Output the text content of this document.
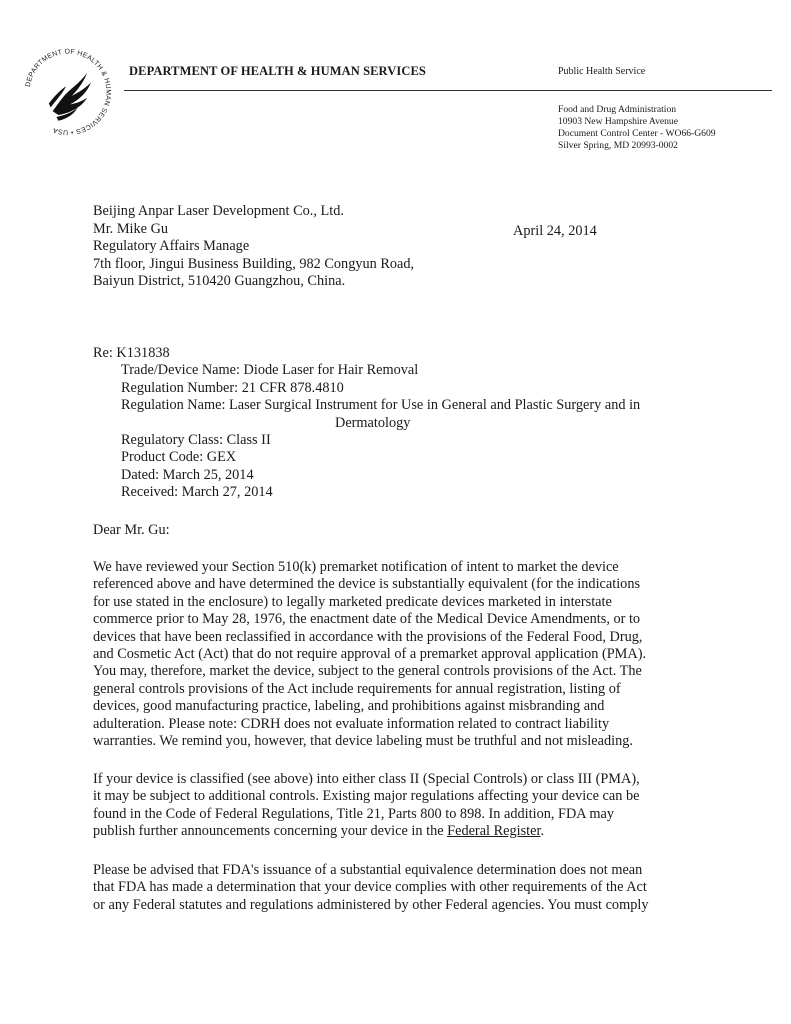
DEPARTMENT OF HEALTH & HUMAN SERVICES • USA
DEPARTMENT OF HEALTH & HUMAN SERVICES	Public Health Service
Food and Drug Administration
10903 New Hampshire Avenue
Document Control Center - WO66-G609
Silver Spring, MD 20993-0002
Beijing Anpar Laser Development Co., Ltd.
Mr. Mike Gu
Regulatory Affairs Manage
7th floor, Jingui Business Building, 982 Congyun Road,
Baiyun District, 510420 Guangzhou, China.
April 24, 2014
Re: K131838
Trade/Device Name: Diode Laser for Hair Removal
Regulation Number: 21 CFR 878.4810
Regulation Name: Laser Surgical Instrument for Use in General and Plastic Surgery and in
Dermatology
Regulatory Class: Class II
Product Code: GEX
Dated: March 25, 2014
Received: March 27, 2014
Dear Mr. Gu:
We have reviewed your Section 510(k) premarket notification of intent to market the device
referenced above and have determined the device is substantially equivalent (for the indications
for use stated in the enclosure) to legally marketed predicate devices marketed in interstate
commerce prior to May 28, 1976, the enactment date of the Medical Device Amendments, or to
devices that have been reclassified in accordance with the provisions of the Federal Food, Drug,
and Cosmetic Act (Act) that do not require approval of a premarket approval application (PMA).
You may, therefore, market the device, subject to the general controls provisions of the Act. The
general controls provisions of the Act include requirements for annual registration, listing of
devices, good manufacturing practice, labeling, and prohibitions against misbranding and
adulteration. Please note: CDRH does not evaluate information related to contract liability
warranties. We remind you, however, that device labeling must be truthful and not misleading.
If your device is classified (see above) into either class II (Special Controls) or class III (PMA),
it may be subject to additional controls. Existing major regulations affecting your device can be
found in the Code of Federal Regulations, Title 21, Parts 800 to 898. In addition, FDA may
publish further announcements concerning your device in the Federal Register.
Please be advised that FDA's issuance of a substantial equivalence determination does not mean
that FDA has made a determination that your device complies with other requirements of the Act
or any Federal statutes and regulations administered by other Federal agencies. You must comply
